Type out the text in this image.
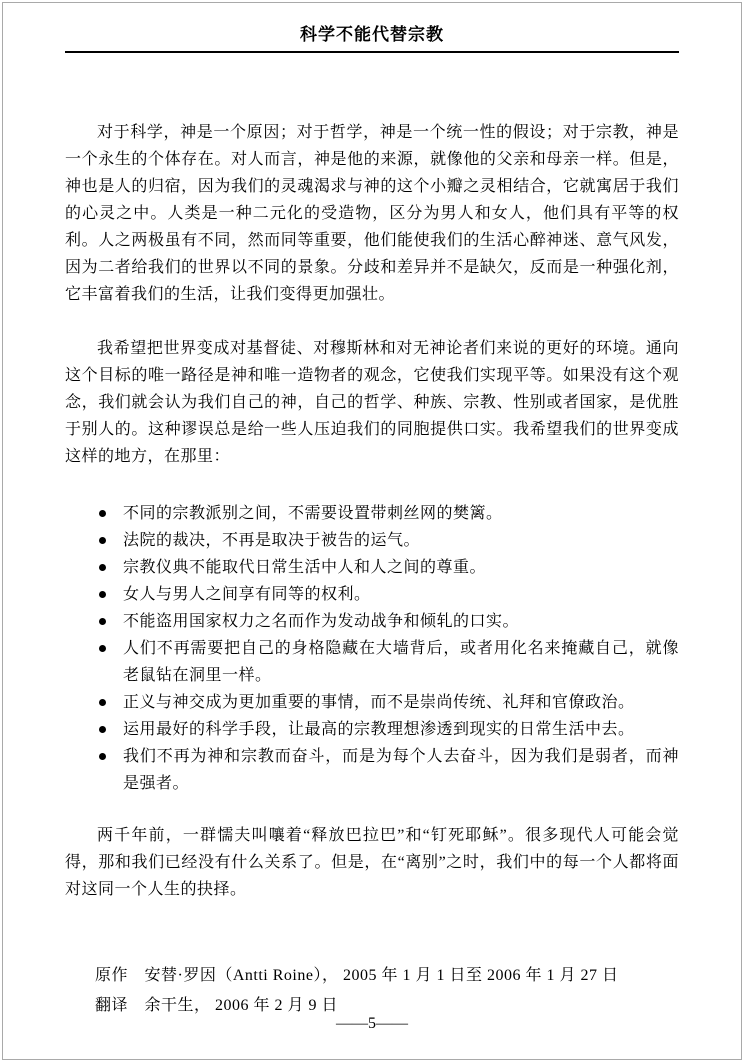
科学不能代替宗教

对于科学，神是一个原因；对于哲学，神是一个统一性的假设；对于宗教，神是一个永生的个体存在。对人而言，神是他的来源，就像他的父亲和母亲一样。但是，神也是人的归宿，因为我们的灵魂渴求与神的这个小瓣之灵相结合，它就寓居于我们的心灵之中。人类是一种二元化的受造物，区分为男人和女人，他们具有平等的权利。人之两极虽有不同，然而同等重要，他们能使我们的生活心醉神迷、意气风发，因为二者给我们的世界以不同的景象。分歧和差异并不是缺欠，反而是一种强化剂，它丰富着我们的生活，让我们变得更加强壮。

我希望把世界变成对基督徒、对穆斯林和对无神论者们来说的更好的环境。通向这个目标的唯一路径是神和唯一造物者的观念，它使我们实现平等。如果没有这个观念，我们就会认为我们自己的神，自己的哲学、种族、宗教、性别或者国家，是优胜于别人的。这种谬误总是给一些人压迫我们的同胞提供口实。我希望我们的世界变成这样的地方，在那里：

不同的宗教派别之间，不需要设置带刺丝网的樊篱。
法院的裁决，不再是取决于被告的运气。
宗教仪典不能取代日常生活中人和人之间的尊重。
女人与男人之间享有同等的权利。
不能盗用国家权力之名而作为发动战争和倾轧的口实。
人们不再需要把自己的身格隐藏在大墙背后，或者用化名来掩藏自己，就像老鼠钻在洞里一样。
正义与神交成为更加重要的事情，而不是崇尚传统、礼拜和官僚政治。
运用最好的科学手段，让最高的宗教理想渗透到现实的日常生活中去。
我们不再为神和宗教而奋斗，而是为每个人去奋斗，因为我们是弱者，而神是强者。

两千年前，一群懦夫叫嚷着“释放巴拉巴”和“钉死耶稣”。很多现代人可能会觉得，那和我们已经没有什么关系了。但是，在“离别”之时，我们中的每一个人都将面对这同一个人生的抉择。

原作　安替·罗因（Antti Roine）， 2005 年 1 月 1 日至 2006 年 1 月 27 日

翻译　余干生， 2006 年 2 月 9 日

——5——
